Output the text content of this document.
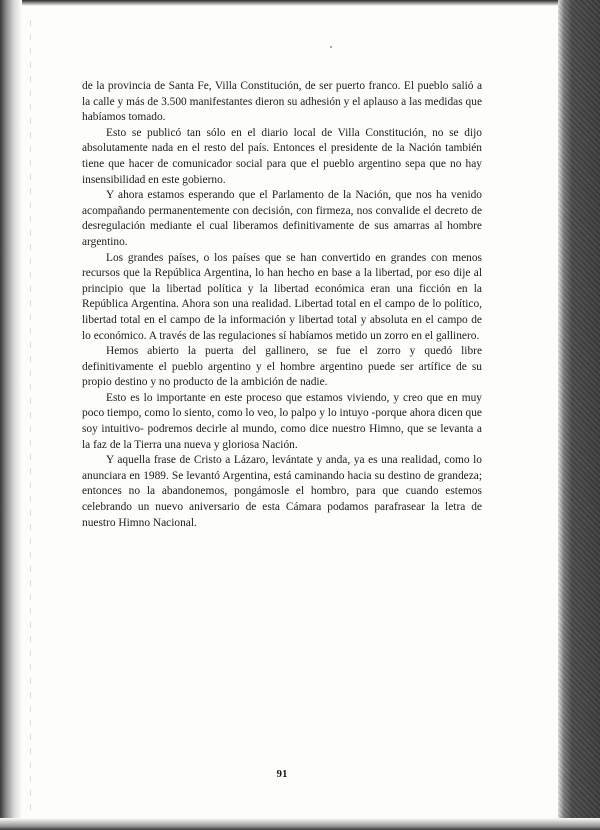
de la provincia de Santa Fe, Villa Constitución, de ser puerto franco. El pueblo salió a la calle y más de 3.500 manifestantes dieron su adhesión y el aplauso a las medidas que habíamos tomado.

Esto se publicó tan sólo en el diario local de Villa Constitución, no se dijo absolutamente nada en el resto del país. Entonces el presidente de la Nación también tiene que hacer de comunicador social para que el pueblo argentino sepa que no hay insensibilidad en este gobierno.

Y ahora estamos esperando que el Parlamento de la Nación, que nos ha venido acompañando permanentemente con decisión, con firmeza, nos convalide el decreto de desregulación mediante el cual liberamos definitivamente de sus amarras al hombre argentino.

Los grandes países, o los países que se han convertido en grandes con menos recursos que la República Argentina, lo han hecho en base a la libertad, por eso dije al principio que la libertad política y la libertad económica eran una ficción en la República Argentina. Ahora son una realidad. Libertad total en el campo de lo político, libertad total en el campo de la información y libertad total y absoluta en el campo de lo económico. A través de las regulaciones sí habíamos metido un zorro en el gallinero.

Hemos abierto la puerta del gallinero, se fue el zorro y quedó libre definitivamente el pueblo argentino y el hombre argentino puede ser artífice de su propio destino y no producto de la ambición de nadie.

Esto es lo importante en este proceso que estamos viviendo, y creo que en muy poco tiempo, como lo siento, como lo veo, lo palpo y lo intuyo -porque ahora dicen que soy intuitivo- podremos decirle al mundo, como dice nuestro Himno, que se levanta a la faz de la Tierra una nueva y gloriosa Nación.

Y aquella frase de Cristo a Lázaro, levántate y anda, ya es una realidad, como lo anunciara en 1989. Se levantó Argentina, está caminando hacia su destino de grandeza; entonces no la abandonemos, pongámosle el hombro, para que cuando estemos celebrando un nuevo aniversario de esta Cámara podamos parafrasear la letra de nuestro Himno Nacional.

91
